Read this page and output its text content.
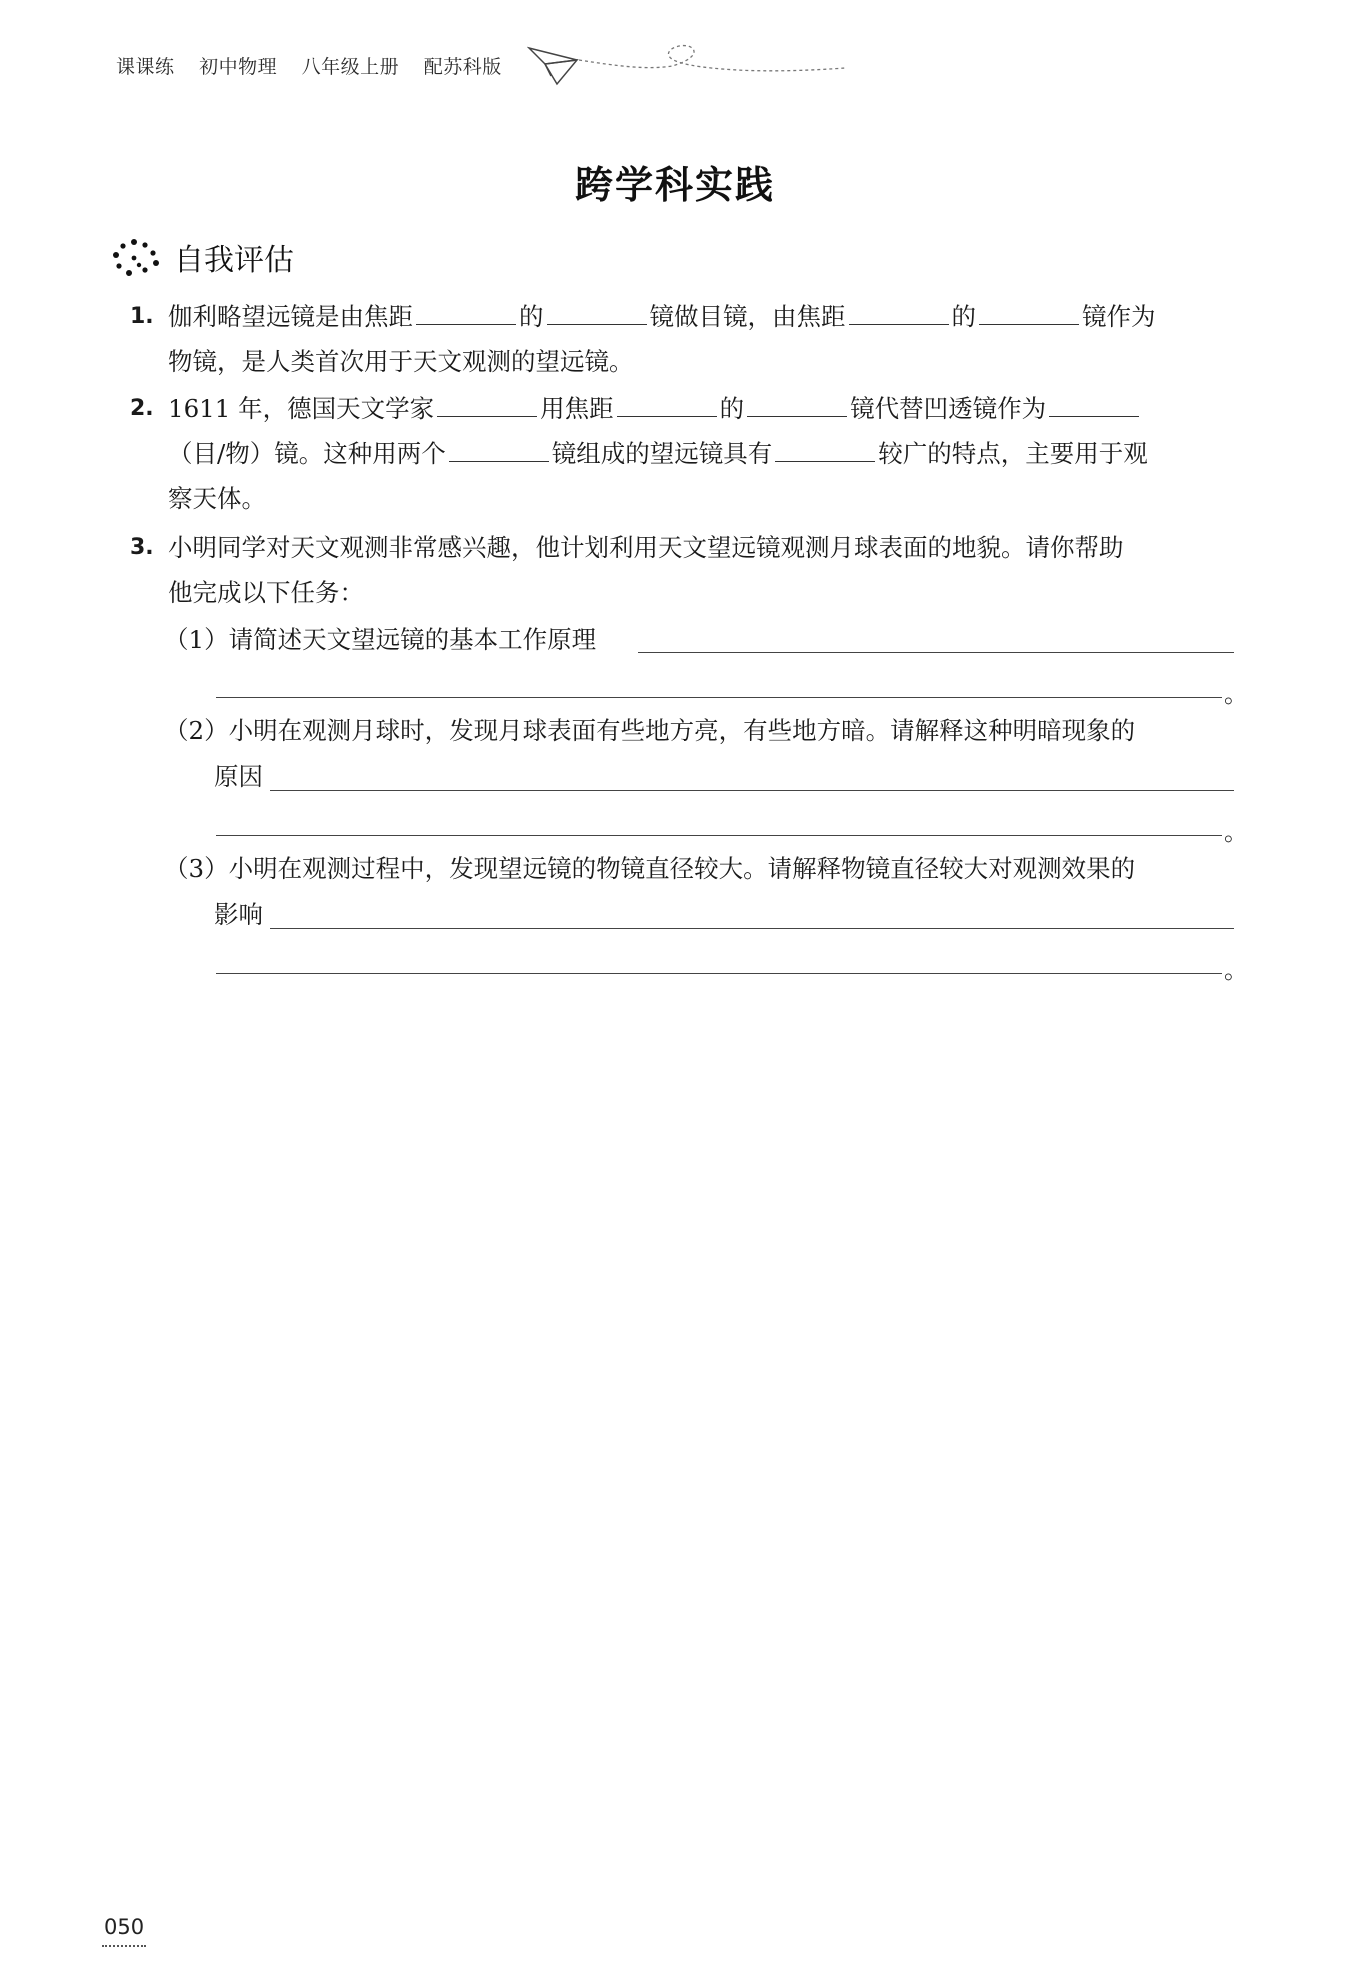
课课练 初中物理 八年级上册 配苏科版
跨学科实践
自我评估
1. 伽利略望远镜是由焦距	的	镜做目镜，由焦距	的	镜作为
物镜，是人类首次用于天文观测的望远镜。
2. 1611 年，德国天文学家	用焦距	的	镜代替凹透镜作为
（目/物）镜。这种用两个	镜组成的望远镜具有	较广的特点，主要用于观
察天体。
3. 小明同学对天文观测非常感兴趣，他计划利用天文望远镜观测月球表面的地貌。请你帮助
他完成以下任务：
（1）请简述天文望远镜的基本工作原理
。
（2）小明在观测月球时，发现月球表面有些地方亮，有些地方暗。请解释这种明暗现象的
原因
。
（3）小明在观测过程中，发现望远镜的物镜直径较大。请解释物镜直径较大对观测效果的
影响
。
050
